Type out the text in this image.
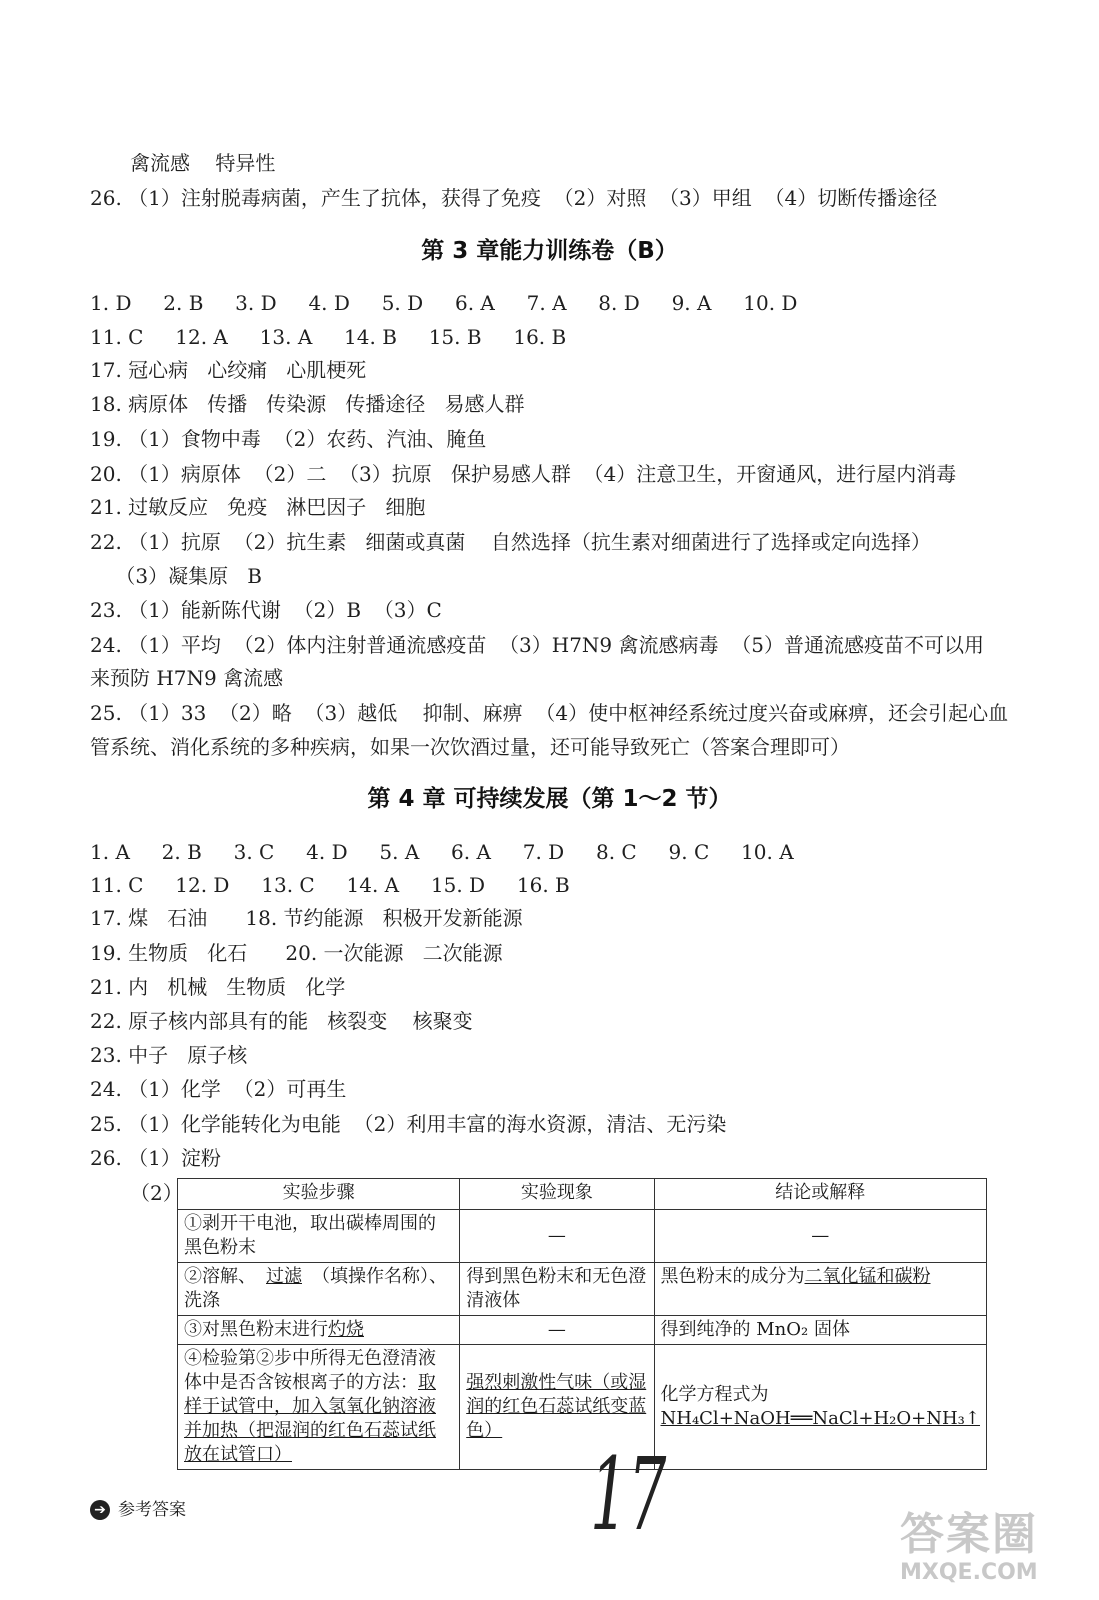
禽流感    特异性
26. （1）注射脱毒病菌，产生了抗体，获得了免疫  （2）对照  （3）甲组  （4）切断传播途径
第 3 章能力训练卷（B）
1. D     2. B     3. D     4. D     5. D     6. A     7. A     8. D     9. A     10. D
11. C     12. A     13. A     14. B     15. B     16. B
17. 冠心病   心绞痛   心肌梗死
18. 病原体   传播   传染源   传播途径   易感人群
19. （1）食物中毒  （2）农药、汽油、腌鱼
20. （1）病原体  （2）二  （3）抗原   保护易感人群  （4）注意卫生，开窗通风，进行屋内消毒
21. 过敏反应   免疫   淋巴因子   细胞
22. （1）抗原  （2）抗生素   细菌或真菌    自然选择（抗生素对细菌进行了选择或定向选择）
（3）凝集原   B
23. （1）能新陈代谢  （2）B  （3）C
24. （1）平均  （2）体内注射普通流感疫苗  （3）H7N9 禽流感病毒  （5）普通流感疫苗不可以用
来预防 H7N9 禽流感
25. （1）33  （2）略  （3）越低    抑制、麻痹  （4）使中枢神经系统过度兴奋或麻痹，还会引起心血
管系统、消化系统的多种疾病，如果一次饮酒过量，还可能导致死亡（答案合理即可）
第 4 章 可持续发展（第 1～2 节）
1. A     2. B     3. C     4. D     5. A     6. A     7. D     8. C     9. C     10. A
11. C     12. D     13. C     14. A     15. D     16. B
17. 煤   石油      18. 节约能源   积极开发新能源
19. 生物质   化石      20. 一次能源   二次能源
21. 内   机械   生物质   化学
22. 原子核内部具有的能   核裂变    核聚变
23. 中子   原子核
24. （1）化学  （2）可再生
25. （1）化学能转化为电能  （2）利用丰富的海水资源，清洁、无污染
26. （1）淀粉
（2）	实验步骤	实验现象	结论或解释
①剥开干电池，取出碳棒周围的黑色粉末	—	—
②溶解、 过滤 （填操作名称）、洗涤	得到黑色粉末和无色澄清液体	黑色粉末的成分为二氧化锰和碳粉
③对黑色粉末进行灼烧	—	得到纯净的 MnO₂ 固体
④检验第②步中所得无色澄清液体中是否含铵根离子的方法：取样于试管中，加入氢氧化钠溶液并加热（把湿润的红色石蕊试纸放在试管口）	强烈刺激性气味（或湿润的红色石蕊试纸变蓝色）	化学方程式为
NH₄Cl+NaOH══NaCl+H₂O+NH₃↑
➔ 参考答案	17	答案圈
MXQE.COM
